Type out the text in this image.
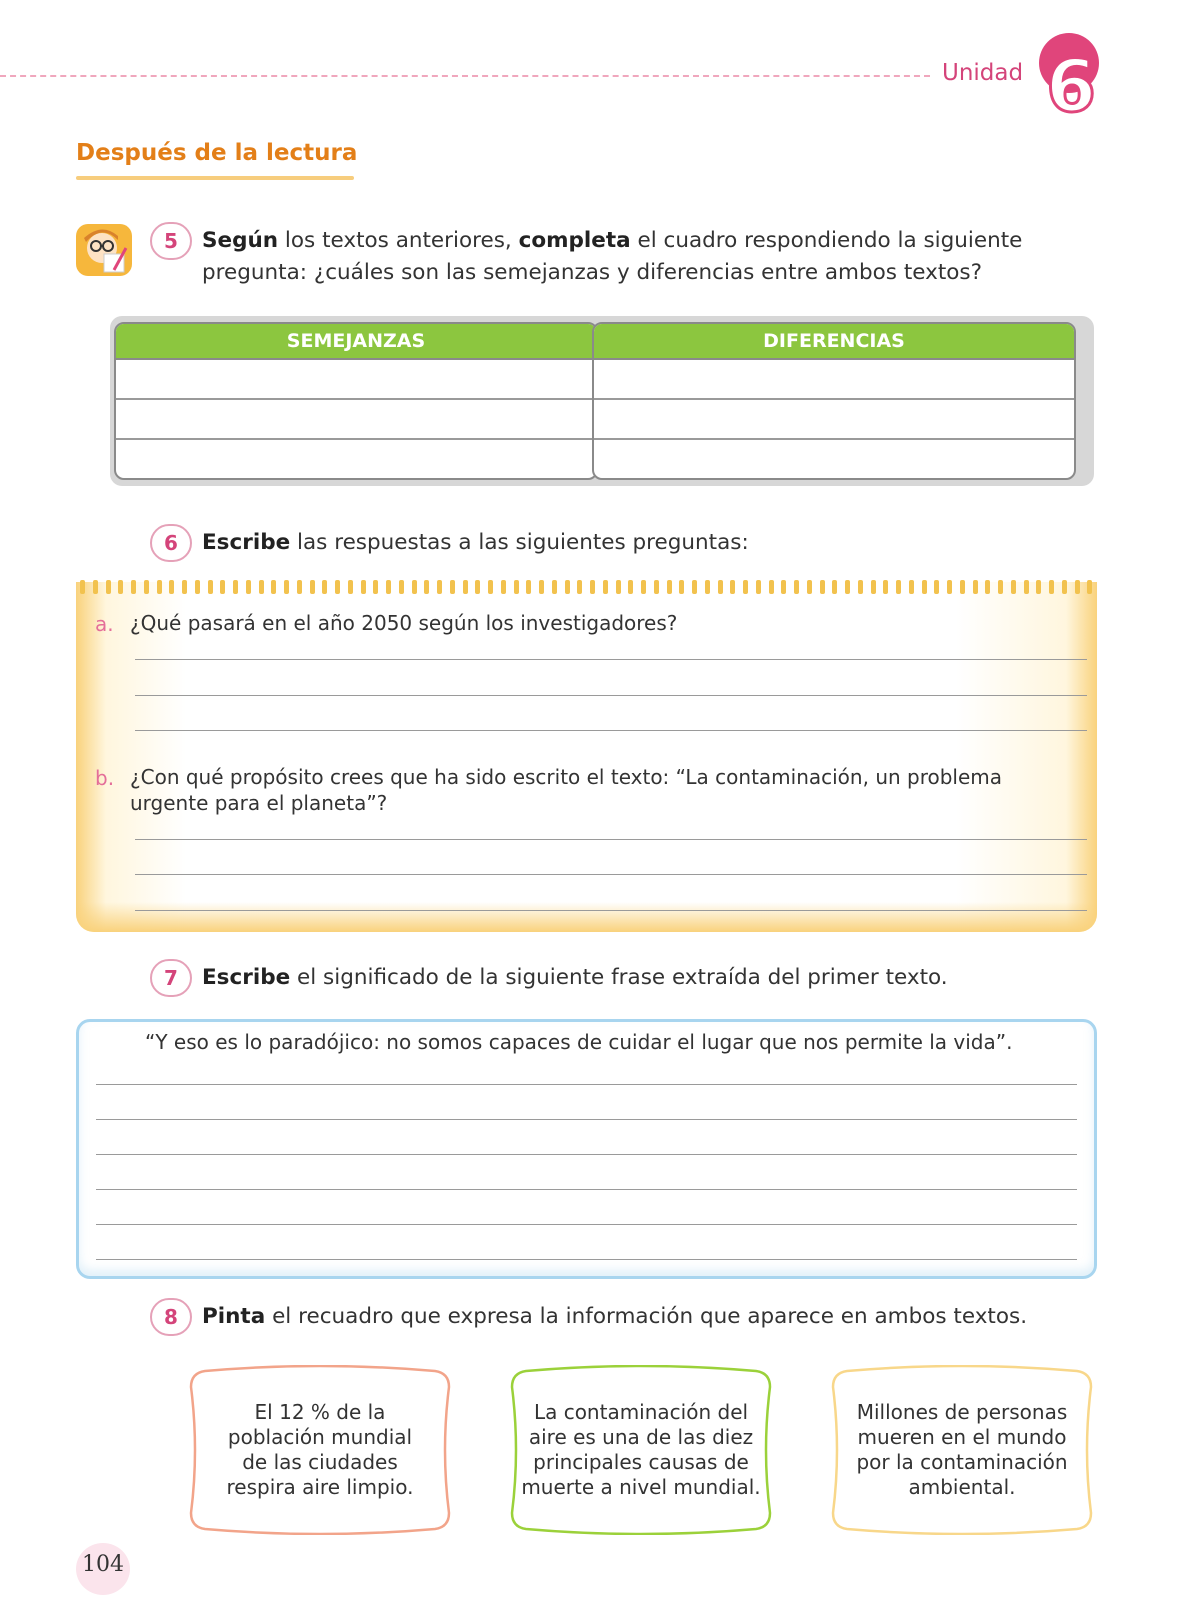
Unidad 6
Después de la lectura
5	Según los textos anteriores, completa el cuadro respondiendo la siguiente
pregunta: ¿cuáles son las semejanzas y diferencias entre ambos textos?
SEMEJANZAS	DIFERENCIAS
6	Escribe las respuestas a las siguientes preguntas:
a. ¿Qué pasará en el año 2050 según los investigadores?
b. ¿Con qué propósito crees que ha sido escrito el texto: “La contaminación, un problema
urgente para el planeta”?
7	Escribe el significado de la siguiente frase extraída del primer texto.
“Y eso es lo paradójico: no somos capaces de cuidar el lugar que nos permite la vida”.
8	Pinta el recuadro que expresa la información que aparece en ambos textos.
El 12 % de la
población mundial
de las ciudades
respira aire limpio.
La contaminación del
aire es una de las diez
principales causas de
muerte a nivel mundial.
Millones de personas
mueren en el mundo
por la contaminación
ambiental.
104
